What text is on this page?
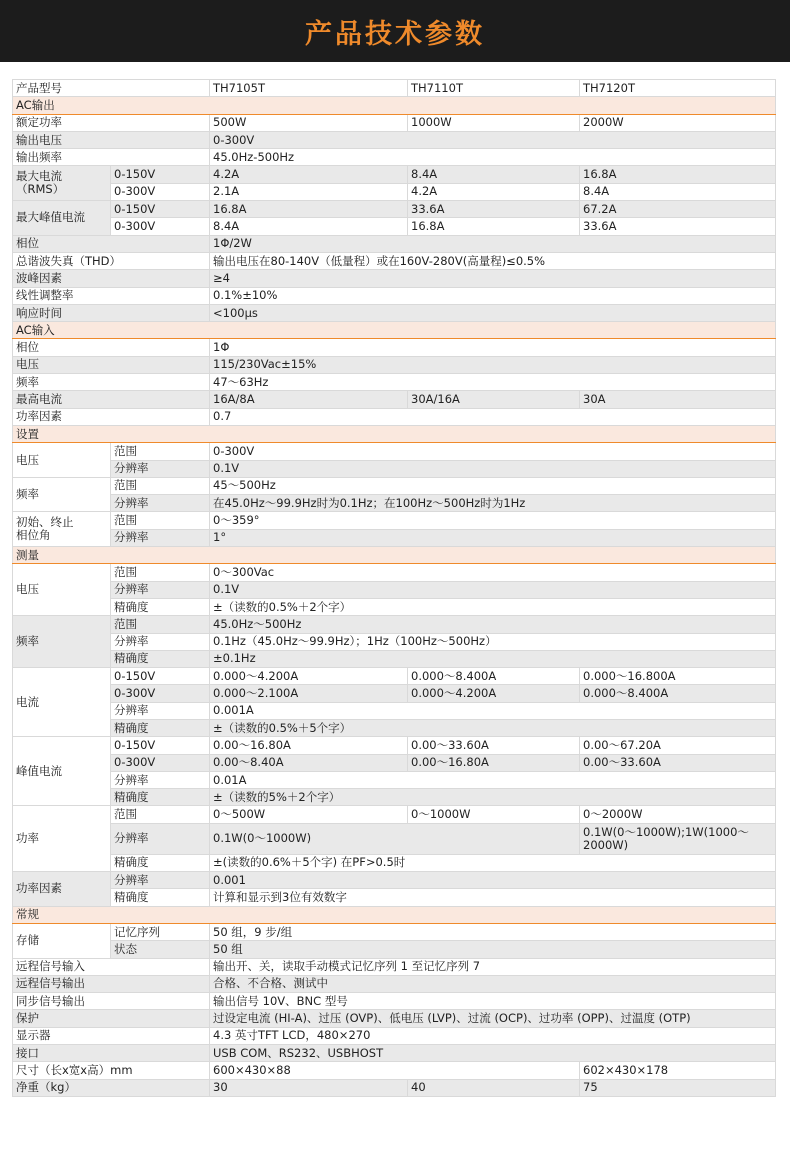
产品技术参数
产品型号		TH7105T	TH7110T	TH7120T
AC输出				
额定功率		500W	1000W	2000W
输出电压		0-300V		
输出频率		45.0Hz-500Hz		
最大电流
（RMS）	0-150V	4.2A	8.4A	16.8A
	0-300V	2.1A	4.2A	8.4A
最大峰值电流	0-150V	16.8A	33.6A	67.2A
	0-300V	8.4A	16.8A	33.6A
相位		1Φ/2W		
总谐波失真（THD）		输出电压在80-140V（低量程）或在160V-280V(高量程)≤0.5%		
波峰因素		≥4		
线性调整率		0.1%±10%		
响应时间		<100μs		
AC输入				
相位		1Φ		
电压		115/230Vac±15%		
频率		47～63Hz		
最高电流		16A/8A	30A/16A	30A
功率因素		0.7		
设置				
电压	范围	0-300V		
	分辨率	0.1V		
频率	范围	45～500Hz		
	分辨率	在45.0Hz～99.9Hz时为0.1Hz；在100Hz～500Hz时为1Hz		
初始、终止
相位角	范围	0～359°		
	分辨率	1°		
测量				
电压	范围	0～300Vac		
	分辨率	0.1V		
	精确度	±（读数的0.5%＋2个字）		
频率	范围	45.0Hz～500Hz		
	分辨率	0.1Hz（45.0Hz～99.9Hz）；1Hz（100Hz～500Hz）		
	精确度	±0.1Hz		
电流	0-150V	0.000～4.200A	0.000～8.400A	0.000～16.800A
	0-300V	0.000～2.100A	0.000～4.200A	0.000～8.400A
	分辨率	0.001A		
	精确度	±（读数的0.5%＋5个字）		
峰值电流	0-150V	0.00～16.80A	0.00～33.60A	0.00～67.20A
	0-300V	0.00～8.40A	0.00～16.80A	0.00～33.60A
	分辨率	0.01A		
	精确度	±（读数的5%＋2个字）		
功率	范围	0～500W	0～1000W	0～2000W
	分辨率	0.1W(0～1000W)		0.1W(0～1000W);1W(1000～2000W)
	精确度	±(读数的0.6%＋5个字) 在PF>0.5时		
功率因素	分辨率	0.001		
	精确度	计算和显示到3位有效数字		
常规				
存储	记忆序列	50 组，9 步/组		
	状态	50 组		
远程信号输入		输出开、关，读取手动模式记忆序列 1 至记忆序列 7		
远程信号输出		合格、不合格、测试中		
同步信号输出		输出信号 10V、BNC 型号		
保护		过设定电流 (HI-A)、过压 (OVP)、低电压 (LVP)、过流 (OCP)、过功率 (OPP)、过温度 (OTP)		
显示器		4.3 英寸TFT LCD，480×270		
接口		USB COM、RS232、USBHOST		
尺寸（长x宽x高）mm		600×430×88		602×430×178
净重（kg）		30	40	75
